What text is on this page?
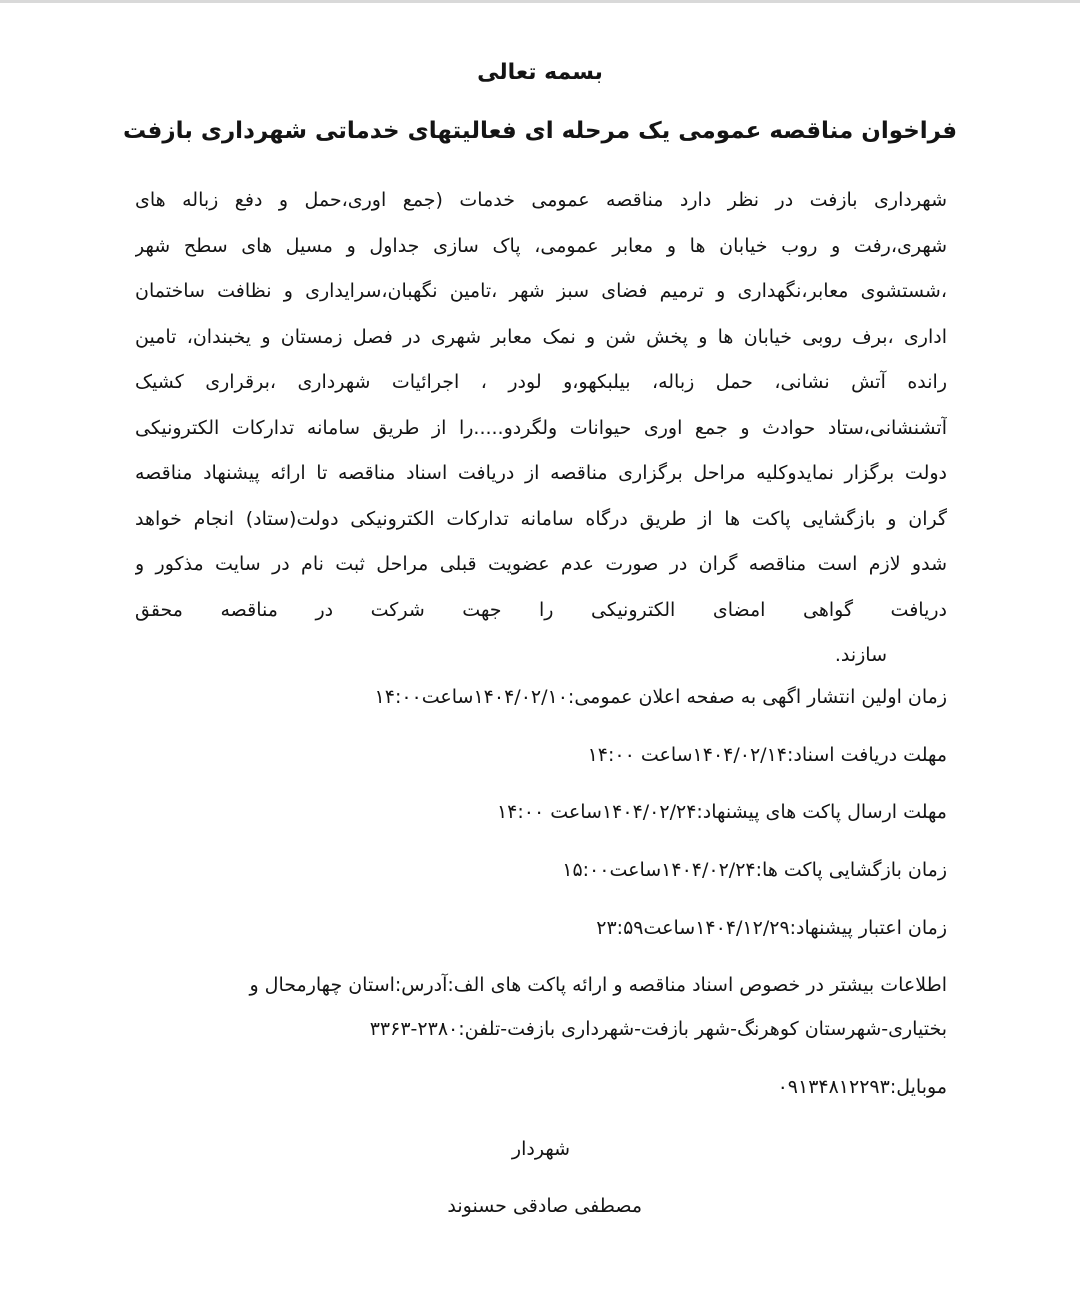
بسمه تعالی
فراخوان مناقصه عمومی یک مرحله ای فعالیتهای خدماتی شهرداری بازفت
شهرداری بازفت در نظر دارد مناقصه عمومی خدمات (جمع اوری،حمل و دفع زباله های
شهری،رفت و روب خیابان ها و معابر عمومی، پاک سازی جداول و مسیل های سطح شهر
،شستشوی معابر،نگهداری و ترمیم فضای سبز شهر ،تامین نگهبان،سرایداری و نظافت ساختمان
اداری ،برف روبی خیابان ها و پخش شن و نمک معابر شهری در فصل زمستان و یخبندان، تامین
رانده آتش نشانی، حمل زباله، بیلبکهو،و لودر ، اجرائیات شهرداری ،برقراری کشیک
آتشنشانی،ستاد حوادث و جمع اوری حیوانات ولگردو.....را از طریق سامانه تدارکات الکترونیکی
دولت برگزار نمایدوکلیه مراحل برگزاری مناقصه از دریافت اسناد مناقصه تا ارائه پیشنهاد مناقصه
گران و بازگشایی پاکت ها از طریق درگاه سامانه تدارکات الکترونیکی دولت(ستاد) انجام خواهد
شدو لازم است مناقصه گران در صورت عدم عضویت قبلی مراحل ثبت نام در سایت مذکور و
دریافت گواهی امضای الکترونیکی را جهت شرکت در مناقصه محقق
سازند.
زمان اولین انتشار اگهی به صفحه اعلان عمومی:۱۴۰۴/۰۲/۱۰ساعت۱۴:۰۰
مهلت دریافت اسناد:۱۴۰۴/۰۲/۱۴ساعت ۱۴:۰۰
مهلت ارسال پاکت های پیشنهاد:۱۴۰۴/۰۲/۲۴ساعت ۱۴:۰۰
زمان بازگشایی پاکت ها:۱۴۰۴/۰۲/۲۴ساعت۱۵:۰۰
زمان اعتبار پیشنهاد:۱۴۰۴/۱۲/۲۹ساعت۲۳:۵۹
اطلاعات بیشتر در خصوص اسناد مناقصه و ارائه پاکت های الف:آدرس:استان چهارمحال و
بختیاری-شهرستان کوهرنگ-شهر بازفت-شهرداری بازفت-تلفن:۲۳۸۰-۳۳۶۳
موبایل:۰۹۱۳۴۸۱۲۲۹۳
شهردار
مصطفی صادقی حسنوند
